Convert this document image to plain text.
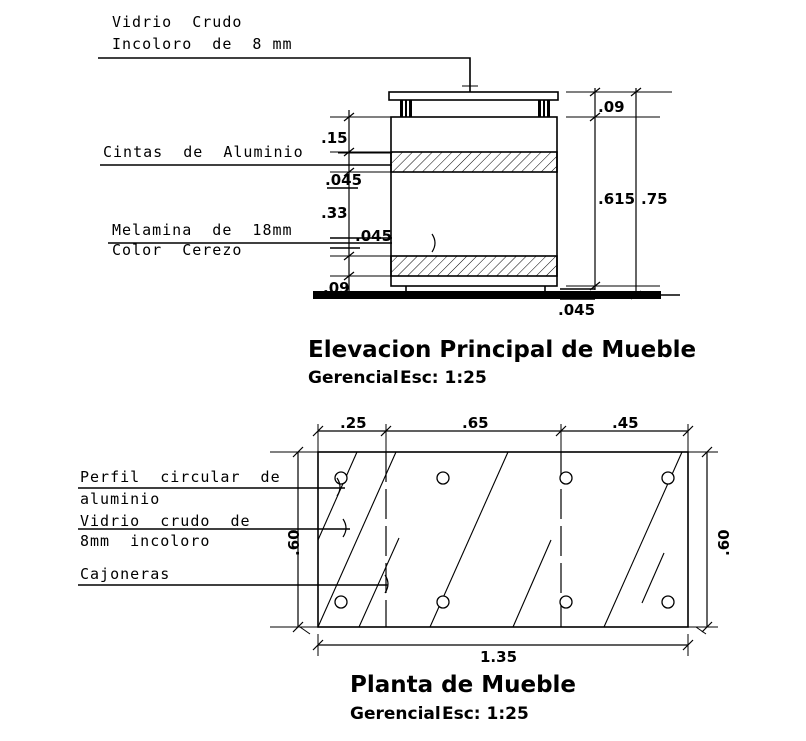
Vidrio  Crudo
Incoloro  de  8 mm
Cintas  de  Aluminio
Melamina  de  18mm
Color  Cerezo
.15
.045
.33
.09
.045
.09
.615 .75
.045
Elevacion Principal de Mueble
Gerencial Esc: 1:25
Perfil  circular  de
aluminio
Vidrio  crudo  de
8mm  incoloro
Cajoneras
.25	.65	.45
.60	.60
1.35
Planta de Mueble
Gerencial Esc: 1:25
